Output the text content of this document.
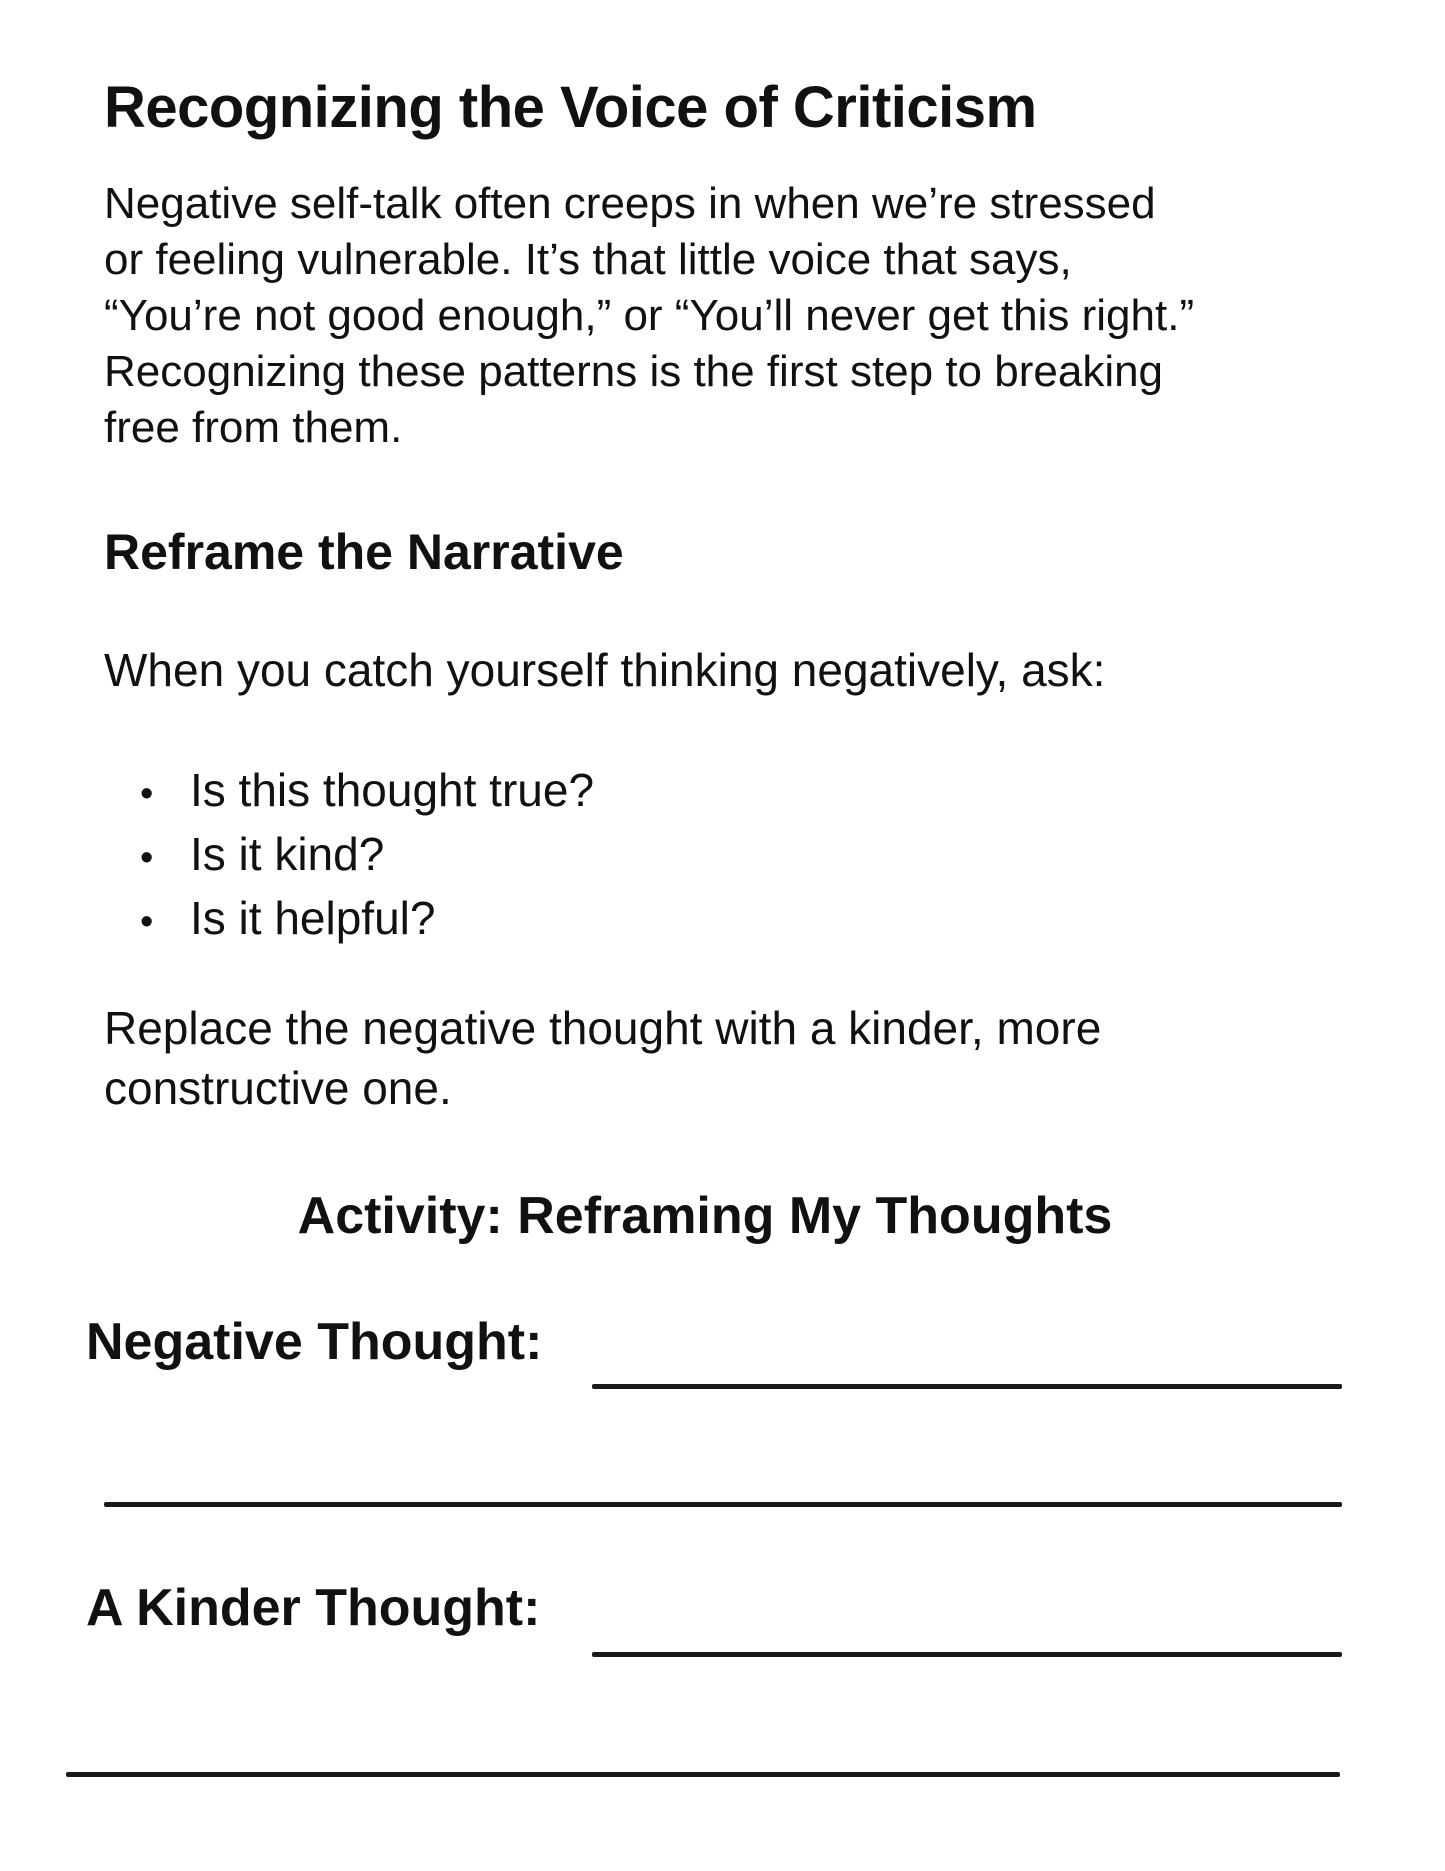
Recognizing the Voice of Criticism

Negative self-talk often creeps in when we’re stressed
or feeling vulnerable. It’s that little voice that says,
“You’re not good enough,” or “You’ll never get this right.”
Recognizing these patterns is the first step to breaking
free from them.

Reframe the Narrative

When you catch yourself thinking negatively, ask:

• Is this thought true?
• Is it kind?
• Is it helpful?

Replace the negative thought with a kinder, more
constructive one.

Activity: Reframing My Thoughts
Negative Thought:
A Kinder Thought:
